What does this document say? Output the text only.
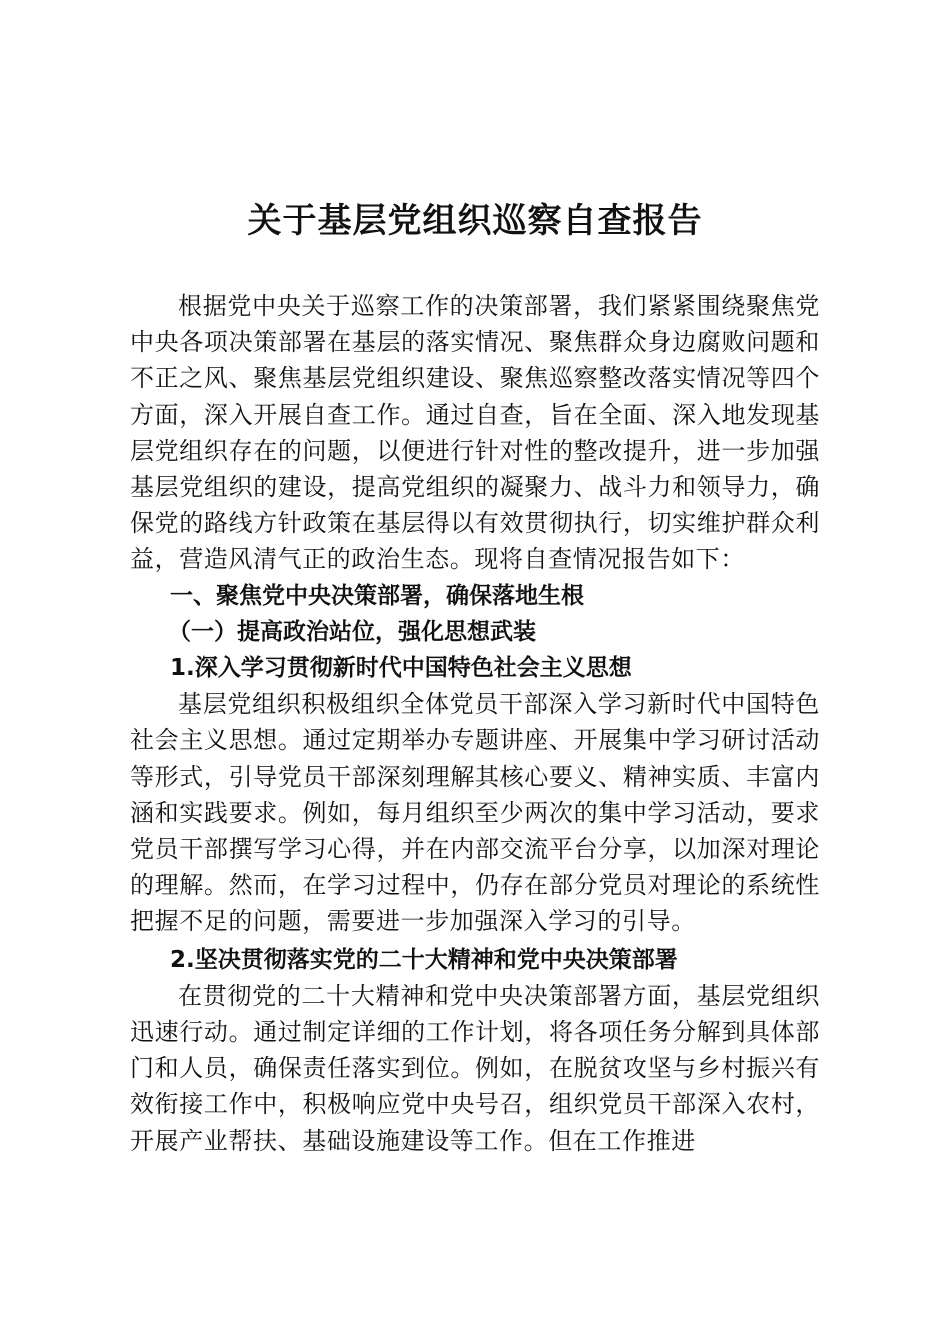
关于基层党组织巡察自查报告

根据党中央关于巡察工作的决策部署，我们紧紧围绕聚焦党中央各项决策部署在基层的落实情况、聚焦群众身边腐败问题和不正之风、聚焦基层党组织建设、聚焦巡察整改落实情况等四个方面，深入开展自查工作。通过自查，旨在全面、深入地发现基层党组织存在的问题，以便进行针对性的整改提升，进一步加强基层党组织的建设，提高党组织的凝聚力、战斗力和领导力，确保党的路线方针政策在基层得以有效贯彻执行，切实维护群众利益，营造风清气正的政治生态。现将自查情况报告如下：

一、聚焦党中央决策部署，确保落地生根
（一）提高政治站位，强化思想武装
1.深入学习贯彻新时代中国特色社会主义思想

基层党组织积极组织全体党员干部深入学习新时代中国特色社会主义思想。通过定期举办专题讲座、开展集中学习研讨活动等形式，引导党员干部深刻理解其核心要义、精神实质、丰富内涵和实践要求。例如，每月组织至少两次的集中学习活动，要求党员干部撰写学习心得，并在内部交流平台分享，以加深对理论的理解。然而，在学习过程中，仍存在部分党员对理论的系统性把握不足的问题，需要进一步加强深入学习的引导。

2.坚决贯彻落实党的二十大精神和党中央决策部署

在贯彻党的二十大精神和党中央决策部署方面，基层党组织迅速行动。通过制定详细的工作计划，将各项任务分解到具体部门和人员，确保责任落实到位。例如，在脱贫攻坚与乡村振兴有效衔接工作中，积极响应党中央号召，组织党员干部深入农村，开展产业帮扶、基础设施建设等工作。但在工作推进
